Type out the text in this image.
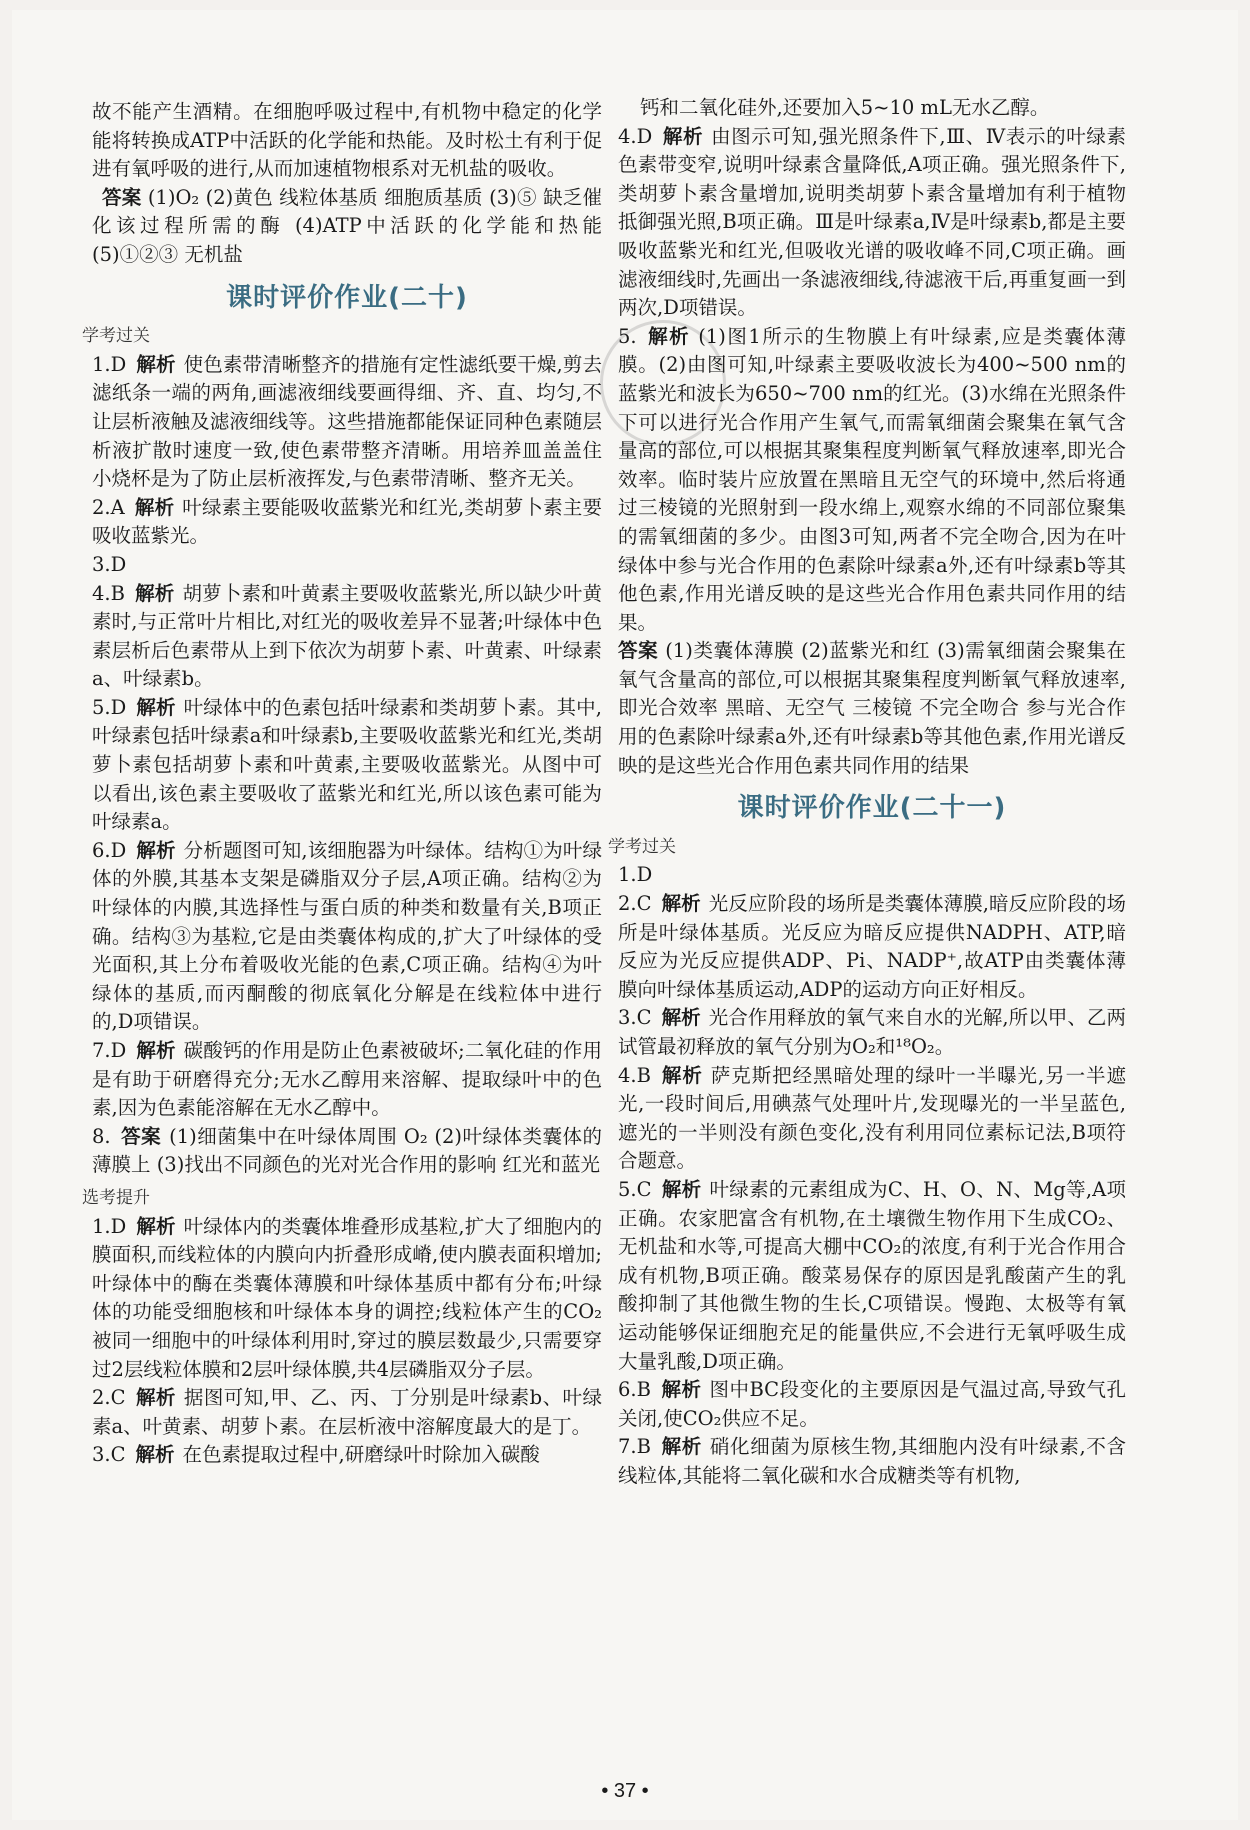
故不能产生酒精。在细胞呼吸过程中,有机物中稳定的化学能将转换成ATP中活跃的化学能和热能。及时松土有利于促进有氧呼吸的进行,从而加速植物根系对无机盐的吸收。

答案 (1)O₂ (2)黄色 线粒体基质 细胞质基质 (3)⑤ 缺乏催化该过程所需的酶 (4)ATP中活跃的化学能和热能 (5)①②③ 无机盐

课时评价作业(二十)
学考过关

1.D 解析 使色素带清晰整齐的措施有定性滤纸要干燥,剪去滤纸条一端的两角,画滤液细线要画得细、齐、直、均匀,不让层析液触及滤液细线等。这些措施都能保证同种色素随层析液扩散时速度一致,使色素带整齐清晰。用培养皿盖盖住小烧杯是为了防止层析液挥发,与色素带清晰、整齐无关。

2.A 解析 叶绿素主要能吸收蓝紫光和红光,类胡萝卜素主要吸收蓝紫光。

3.D

4.B 解析 胡萝卜素和叶黄素主要吸收蓝紫光,所以缺少叶黄素时,与正常叶片相比,对红光的吸收差异不显著;叶绿体中色素层析后色素带从上到下依次为胡萝卜素、叶黄素、叶绿素a、叶绿素b。

5.D 解析 叶绿体中的色素包括叶绿素和类胡萝卜素。其中,叶绿素包括叶绿素a和叶绿素b,主要吸收蓝紫光和红光,类胡萝卜素包括胡萝卜素和叶黄素,主要吸收蓝紫光。从图中可以看出,该色素主要吸收了蓝紫光和红光,所以该色素可能为叶绿素a。

6.D 解析 分析题图可知,该细胞器为叶绿体。结构①为叶绿体的外膜,其基本支架是磷脂双分子层,A项正确。结构②为叶绿体的内膜,其选择性与蛋白质的种类和数量有关,B项正确。结构③为基粒,它是由类囊体构成的,扩大了叶绿体的受光面积,其上分布着吸收光能的色素,C项正确。结构④为叶绿体的基质,而丙酮酸的彻底氧化分解是在线粒体中进行的,D项错误。

7.D 解析 碳酸钙的作用是防止色素被破坏;二氧化硅的作用是有助于研磨得充分;无水乙醇用来溶解、提取绿叶中的色素,因为色素能溶解在无水乙醇中。

8. 答案 (1)细菌集中在叶绿体周围 O₂ (2)叶绿体类囊体的薄膜上 (3)找出不同颜色的光对光合作用的影响 红光和蓝光

选考提升

1.D 解析 叶绿体内的类囊体堆叠形成基粒,扩大了细胞内的膜面积,而线粒体的内膜向内折叠形成嵴,使内膜表面积增加;叶绿体中的酶在类囊体薄膜和叶绿体基质中都有分布;叶绿体的功能受细胞核和叶绿体本身的调控;线粒体产生的CO₂被同一细胞中的叶绿体利用时,穿过的膜层数最少,只需要穿过2层线粒体膜和2层叶绿体膜,共4层磷脂双分子层。

2.C 解析 据图可知,甲、乙、丙、丁分别是叶绿素b、叶绿素a、叶黄素、胡萝卜素。在层析液中溶解度最大的是丁。

3.C 解析 在色素提取过程中,研磨绿叶时除加入碳酸

钙和二氧化硅外,还要加入5~10 mL无水乙醇。

4.D 解析 由图示可知,强光照条件下,Ⅲ、Ⅳ表示的叶绿素色素带变窄,说明叶绿素含量降低,A项正确。强光照条件下,类胡萝卜素含量增加,说明类胡萝卜素含量增加有利于植物抵御强光照,B项正确。Ⅲ是叶绿素a,Ⅳ是叶绿素b,都是主要吸收蓝紫光和红光,但吸收光谱的吸收峰不同,C项正确。画滤液细线时,先画出一条滤液细线,待滤液干后,再重复画一到两次,D项错误。

5. 解析 (1)图1所示的生物膜上有叶绿素,应是类囊体薄膜。(2)由图可知,叶绿素主要吸收波长为400~500 nm的蓝紫光和波长为650~700 nm的红光。(3)水绵在光照条件下可以进行光合作用产生氧气,而需氧细菌会聚集在氧气含量高的部位,可以根据其聚集程度判断氧气释放速率,即光合效率。临时装片应放置在黑暗且无空气的环境中,然后将通过三棱镜的光照射到一段水绵上,观察水绵的不同部位聚集的需氧细菌的多少。由图3可知,两者不完全吻合,因为在叶绿体中参与光合作用的色素除叶绿素a外,还有叶绿素b等其他色素,作用光谱反映的是这些光合作用色素共同作用的结果。

答案 (1)类囊体薄膜 (2)蓝紫光和红 (3)需氧细菌会聚集在氧气含量高的部位,可以根据其聚集程度判断氧气释放速率,即光合效率 黑暗、无空气 三棱镜 不完全吻合 参与光合作用的色素除叶绿素a外,还有叶绿素b等其他色素,作用光谱反映的是这些光合作用色素共同作用的结果

课时评价作业(二十一)
学考过关

1.D

2.C 解析 光反应阶段的场所是类囊体薄膜,暗反应阶段的场所是叶绿体基质。光反应为暗反应提供NADPH、ATP,暗反应为光反应提供ADP、Pi、NADP⁺,故ATP由类囊体薄膜向叶绿体基质运动,ADP的运动方向正好相反。

3.C 解析 光合作用释放的氧气来自水的光解,所以甲、乙两试管最初释放的氧气分别为O₂和¹⁸O₂。

4.B 解析 萨克斯把经黑暗处理的绿叶一半曝光,另一半遮光,一段时间后,用碘蒸气处理叶片,发现曝光的一半呈蓝色,遮光的一半则没有颜色变化,没有利用同位素标记法,B项符合题意。

5.C 解析 叶绿素的元素组成为C、H、O、N、Mg等,A项正确。农家肥富含有机物,在土壤微生物作用下生成CO₂、无机盐和水等,可提高大棚中CO₂的浓度,有利于光合作用合成有机物,B项正确。酸菜易保存的原因是乳酸菌产生的乳酸抑制了其他微生物的生长,C项错误。慢跑、太极等有氧运动能够保证细胞充足的能量供应,不会进行无氧呼吸生成大量乳酸,D项正确。

6.B 解析 图中BC段变化的主要原因是气温过高,导致气孔关闭,使CO₂供应不足。

7.B 解析 硝化细菌为原核生物,其细胞内没有叶绿素,不含线粒体,其能将二氧化碳和水合成糖类等有机物,

• 37 •
